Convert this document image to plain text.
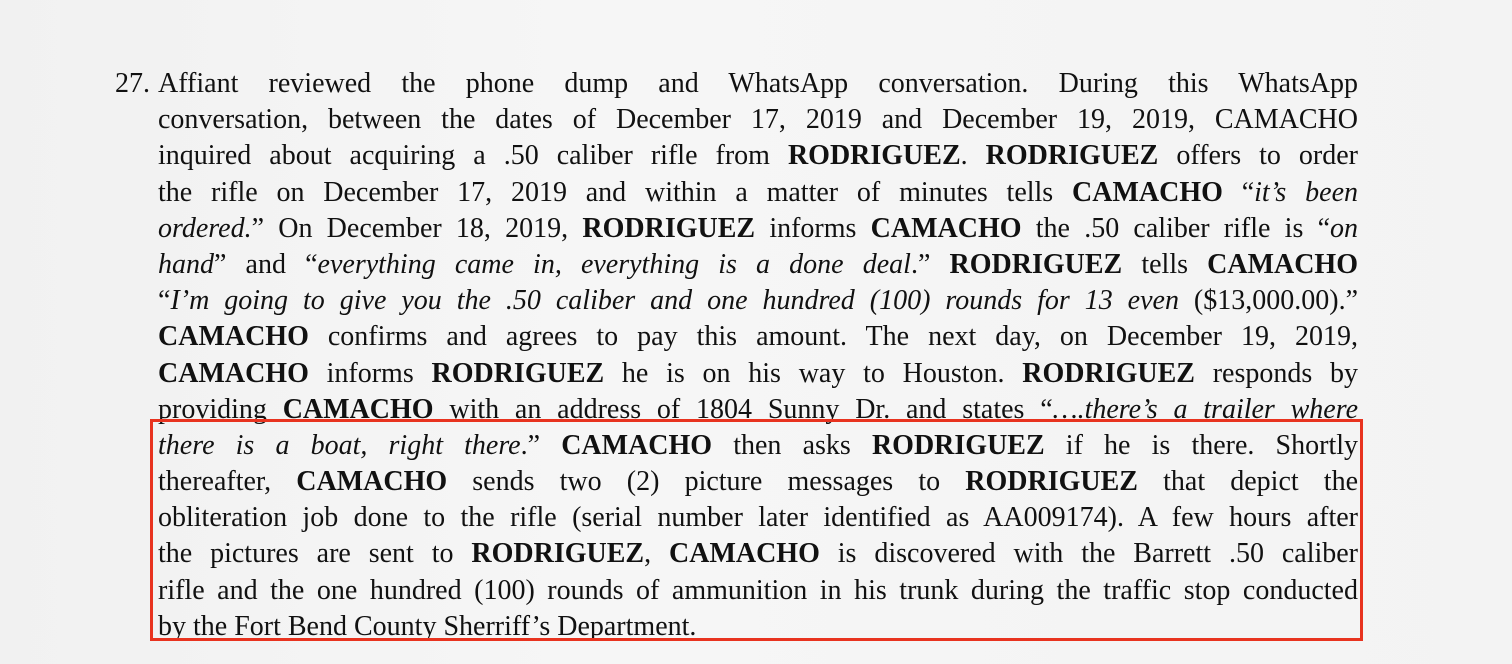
27. Affiant reviewed the phone dump and WhatsApp conversation. During this WhatsApp
conversation, between the dates of December 17, 2019 and December 19, 2019, CAMACHO
inquired about acquiring a .50 caliber rifle from RODRIGUEZ. RODRIGUEZ offers to order
the rifle on December 17, 2019 and within a matter of minutes tells CAMACHO “it’s been
ordered.” On December 18, 2019, RODRIGUEZ informs CAMACHO the .50 caliber rifle is “on
hand” and “everything came in, everything is a done deal.” RODRIGUEZ tells CAMACHO
“I’m going to give you the .50 caliber and one hundred (100) rounds for 13 even ($13,000.00).”
CAMACHO confirms and agrees to pay this amount. The next day, on December 19, 2019,
CAMACHO informs RODRIGUEZ he is on his way to Houston. RODRIGUEZ responds by
providing CAMACHO with an address of 1804 Sunny Dr. and states “….there’s a trailer where
there is a boat, right there.” CAMACHO then asks RODRIGUEZ if he is there. Shortly
thereafter, CAMACHO sends two (2) picture messages to RODRIGUEZ that depict the
obliteration job done to the rifle (serial number later identified as AA009174). A few hours after
the pictures are sent to RODRIGUEZ, CAMACHO is discovered with the Barrett .50 caliber
rifle and the one hundred (100) rounds of ammunition in his trunk during the traffic stop conducted
by the Fort Bend County Sherriff’s Department.
